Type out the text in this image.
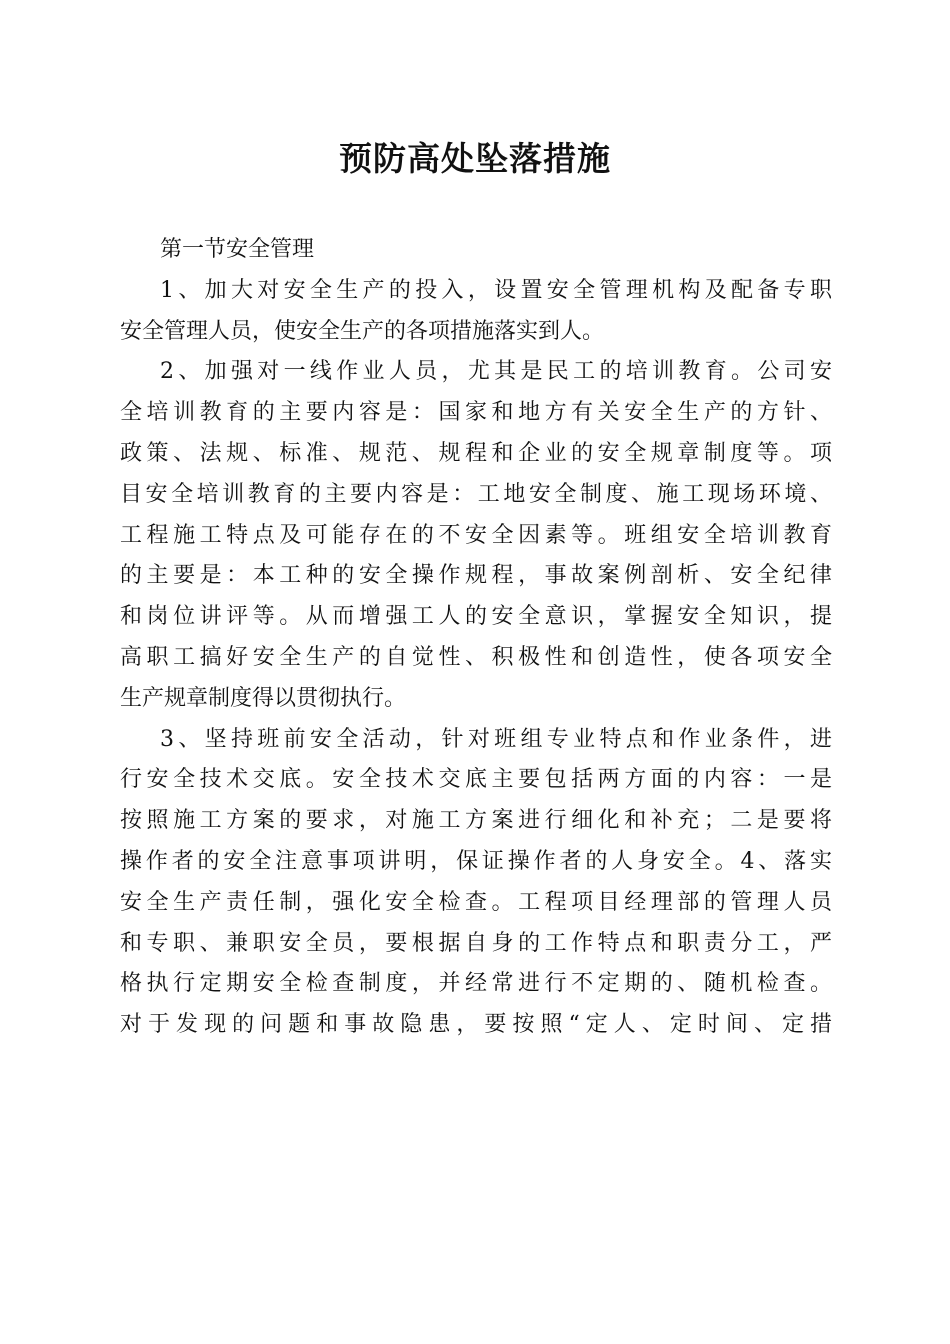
预防高处坠落措施
第一节安全管理
1、加大对安全生产的投入，设置安全管理机构及配备专职
安全管理人员，使安全生产的各项措施落实到人。
2、加强对一线作业人员，尤其是民工的培训教育。公司安
全培训教育的主要内容是：国家和地方有关安全生产的方针、
政策、法规、标准、规范、规程和企业的安全规章制度等。项
目安全培训教育的主要内容是：工地安全制度、施工现场环境、
工程施工特点及可能存在的不安全因素等。班组安全培训教育
的主要是：本工种的安全操作规程，事故案例剖析、安全纪律
和岗位讲评等。从而增强工人的安全意识，掌握安全知识，提
高职工搞好安全生产的自觉性、积极性和创造性，使各项安全
生产规章制度得以贯彻执行。
3、坚持班前安全活动，针对班组专业特点和作业条件，进
行安全技术交底。安全技术交底主要包括两方面的内容：一是
按照施工方案的要求，对施工方案进行细化和补充；二是要将
操作者的安全注意事项讲明，保证操作者的人身安全。4、落实
安全生产责任制，强化安全检查。工程项目经理部的管理人员
和专职、兼职安全员，要根据自身的工作特点和职责分工，严
格执行定期安全检查制度，并经常进行不定期的、随机检查。
对于发现的问题和事故隐患，要按照“定人、定时间、定措
